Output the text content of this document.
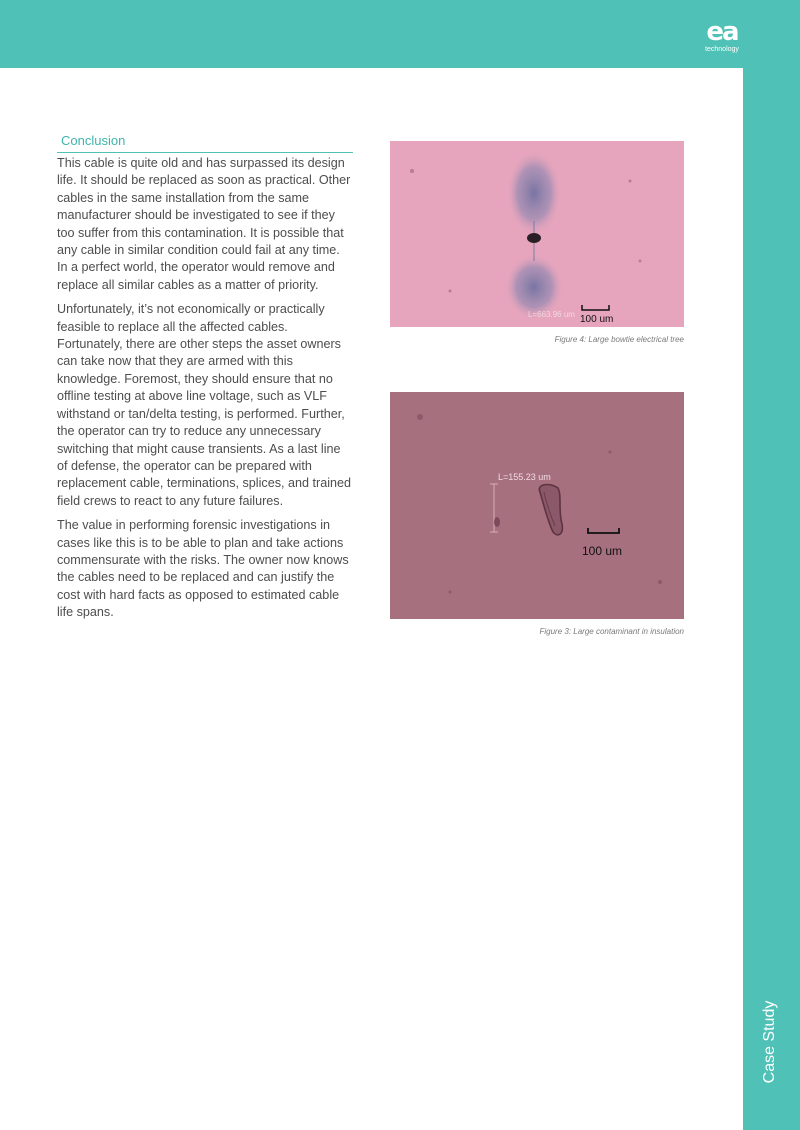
ea
technology
Case Study
Conclusion

This cable is quite old and has surpassed its design life. It should be replaced as soon as practical. Other cables in the same installation from the same manufacturer should be investigated to see if they too suffer from this contamination. It is possible that any cable in similar condition could fail at any time. In a perfect world, the operator would remove and replace all similar cables as a matter of priority.

Unfortunately, it’s not economically or practically feasible to replace all the affected cables. Fortunately, there are other steps the asset owners can take now that they are armed with this knowledge. Foremost, they should ensure that no offline testing at above line voltage, such as VLF withstand or tan/delta testing, is performed. Further, the operator can try to reduce any unnecessary switching that might cause transients. As a last line of defense, the operator can be prepared with replacement cable, terminations, splices, and trained field crews to react to any future failures.

The value in performing forensic investigations in cases like this is to be able to plan and take actions commensurate with the risks. The owner now knows the cables need to be replaced and can justify the cost with hard facts as opposed to estimated cable life spans.

L=663.96 um 100 um
Figure 4: Large bowtie electrical tree
L=155.23 um
100 um
Figure 3: Large contaminant in insulation
